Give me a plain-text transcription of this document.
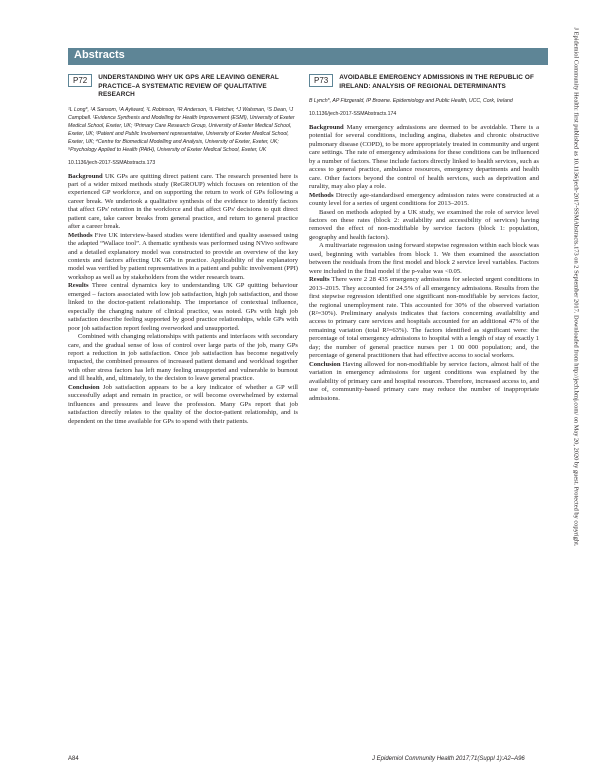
Abstracts
P72	UNDERSTANDING WHY UK GPS ARE LEAVING GENERAL PRACTICE–A SYSTEMATIC REVIEW OF QUALITATIVE RESEARCH
¹L Long*, ¹A Sansom, ¹A Aylward, ¹L Robinson, ²R Anderson, ³L Fletcher, ⁴J Walsman, ¹S Dean, ¹J Campbell. ¹Evidence Synthesis and Modelling for Health Improvement (ESMI), University of Exeter Medical School, Exeter, UK; ²Primary Care Research Group, University of Exeter Medical School, Exeter, UK; ³Patient and Public Involvement representative, University of Exeter Medical School, Exeter, UK; ⁴Centre for Biomedical Modelling and Analysis, University of Exeter, Exeter, UK; ⁵Psychology Applied to Health (PAtH), University of Exeter Medical School, Exeter, UK
10.1136/jech-2017-SSMAbstracts.173

Background UK GPs are quitting direct patient care. The research presented here is part of a wider mixed methods study (ReGROUP) which focuses on retention of the experienced GP workforce, and on supporting the return to work of GPs following a career break. We undertook a qualitative synthesis of the evidence to identify factors that affect GPs' retention in the workforce and that affect GPs' decisions to quit direct patient care, take career breaks from general practice, and return to general practice after a career break.

Methods Five UK interview-based studies were identified and quality assessed using the adapted “Wallace tool”. A thematic synthesis was performed using NVivo software and a detailed explanatory model was constructed to provide an overview of the key contexts and factors affecting UK GPs in practice. Applicability of the explanatory model was verified by patient representatives in a patient and public involvement (PPI) workshop as well as by stakeholders from the wider research team.

Results Three central dynamics key to understanding UK GP quitting behaviour emerged – factors associated with low job satisfaction, high job satisfaction, and those linked to the doctor-patient relationship. The importance of contextual influence, especially the changing nature of clinical practice, was noted. GPs with high job satisfaction describe feeling supported by good practice relationships, while GPs with poor job satisfaction report feeling overworked and unsupported.

Combined with changing relationships with patients and interfaces with secondary care, and the gradual sense of loss of control over large parts of the job, many GPs report a reduction in job satisfaction. Once job satisfaction has become negatively impacted, the combined pressures of increased patient demand and workload together with other stress factors has left many feeling unsupported and vulnerable to burnout and ill health, and, ultimately, to the decision to leave general practice.

Conclusion Job satisfaction appears to be a key indicator of whether a GP will successfully adapt and remain in practice, or will become overwhelmed by external influences and pressures and leave the profession. Many GPs report that job satisfaction directly relates to the quality of the doctor-patient relationship, and is dependent on the time available for GPs to spend with their patients.

P73	AVOIDABLE EMERGENCY ADMISSIONS IN THE REPUBLIC OF IRELAND: ANALYSIS OF REGIONAL DETERMINANTS
B Lynch*, AP Fitzgerald, IP Browne. Epidemiology and Public Health, UCC, Cork, Ireland
10.1136/jech-2017-SSMAbstracts.174

Background Many emergency admissions are deemed to be avoidable. There is a potential for several conditions, including angina, diabetes and chronic obstructive pulmonary disease (COPD), to be more appropriately treated in community and urgent care settings. The rate of emergency admissions for these conditions can be influenced by a number of factors. These include factors directly linked to health services, such as access to general practice, ambulance resources, emergency departments and health care. Other factors beyond the control of health services, such as deprivation and rurality, may also play a role.

Methods Directly age-standardised emergency admission rates were constructed at a county level for a series of urgent conditions for 2013–2015.

Based on methods adopted by a UK study, we examined the role of service level factors on these rates (block 2: availability and accessibility of services) having removed the effect of non-modifiable by service factors (block 1: population, geography and health factors).

A multivariate regression using forward stepwise regression within each block was used, beginning with variables from block 1. We then examined the association between the residuals from the first model and block 2 service level variables. Factors were included in the final model if the p-value was <0.05.

Results There were 2 28 435 emergency admissions for selected urgent conditions in 2013–2015. They accounted for 24.5% of all emergency admissions. Results from the first stepwise regression identified one significant non-modifiable by services factor, the regional unemployment rate. This accounted for 30% of the observed variation (R²=30%). Preliminary analysis indicates that factors concerning availability and access to primary care services and hospitals accounted for an additional 47% of the remaining variation (total R²=63%). The factors identified as significant were: the percentage of total emergency admissions to hospital with a length of stay of exactly 1 day; the number of general practice nurses per 1 00 000 population; and, the percentage of general practitioners that had effective access to social workers.

Conclusion Having allowed for non-modifiable by service factors, almost half of the variation in emergency admissions for urgent conditions was explained by the availability of primary care and hospital resources. Therefore, increased access to, and use of, community-based primary care may reduce the number of inappropriate admissions.

A84	J Epidemiol Community Health 2017;71(Suppl 1):A2–A96
J Epidemiol Community Health: first published as 10.1136/jech-2017-SSMAbstracts.173 on 2 September 2017. Downloaded from http://jech.bmj.com/ on May 20, 2020 by guest. Protected by copyright.
